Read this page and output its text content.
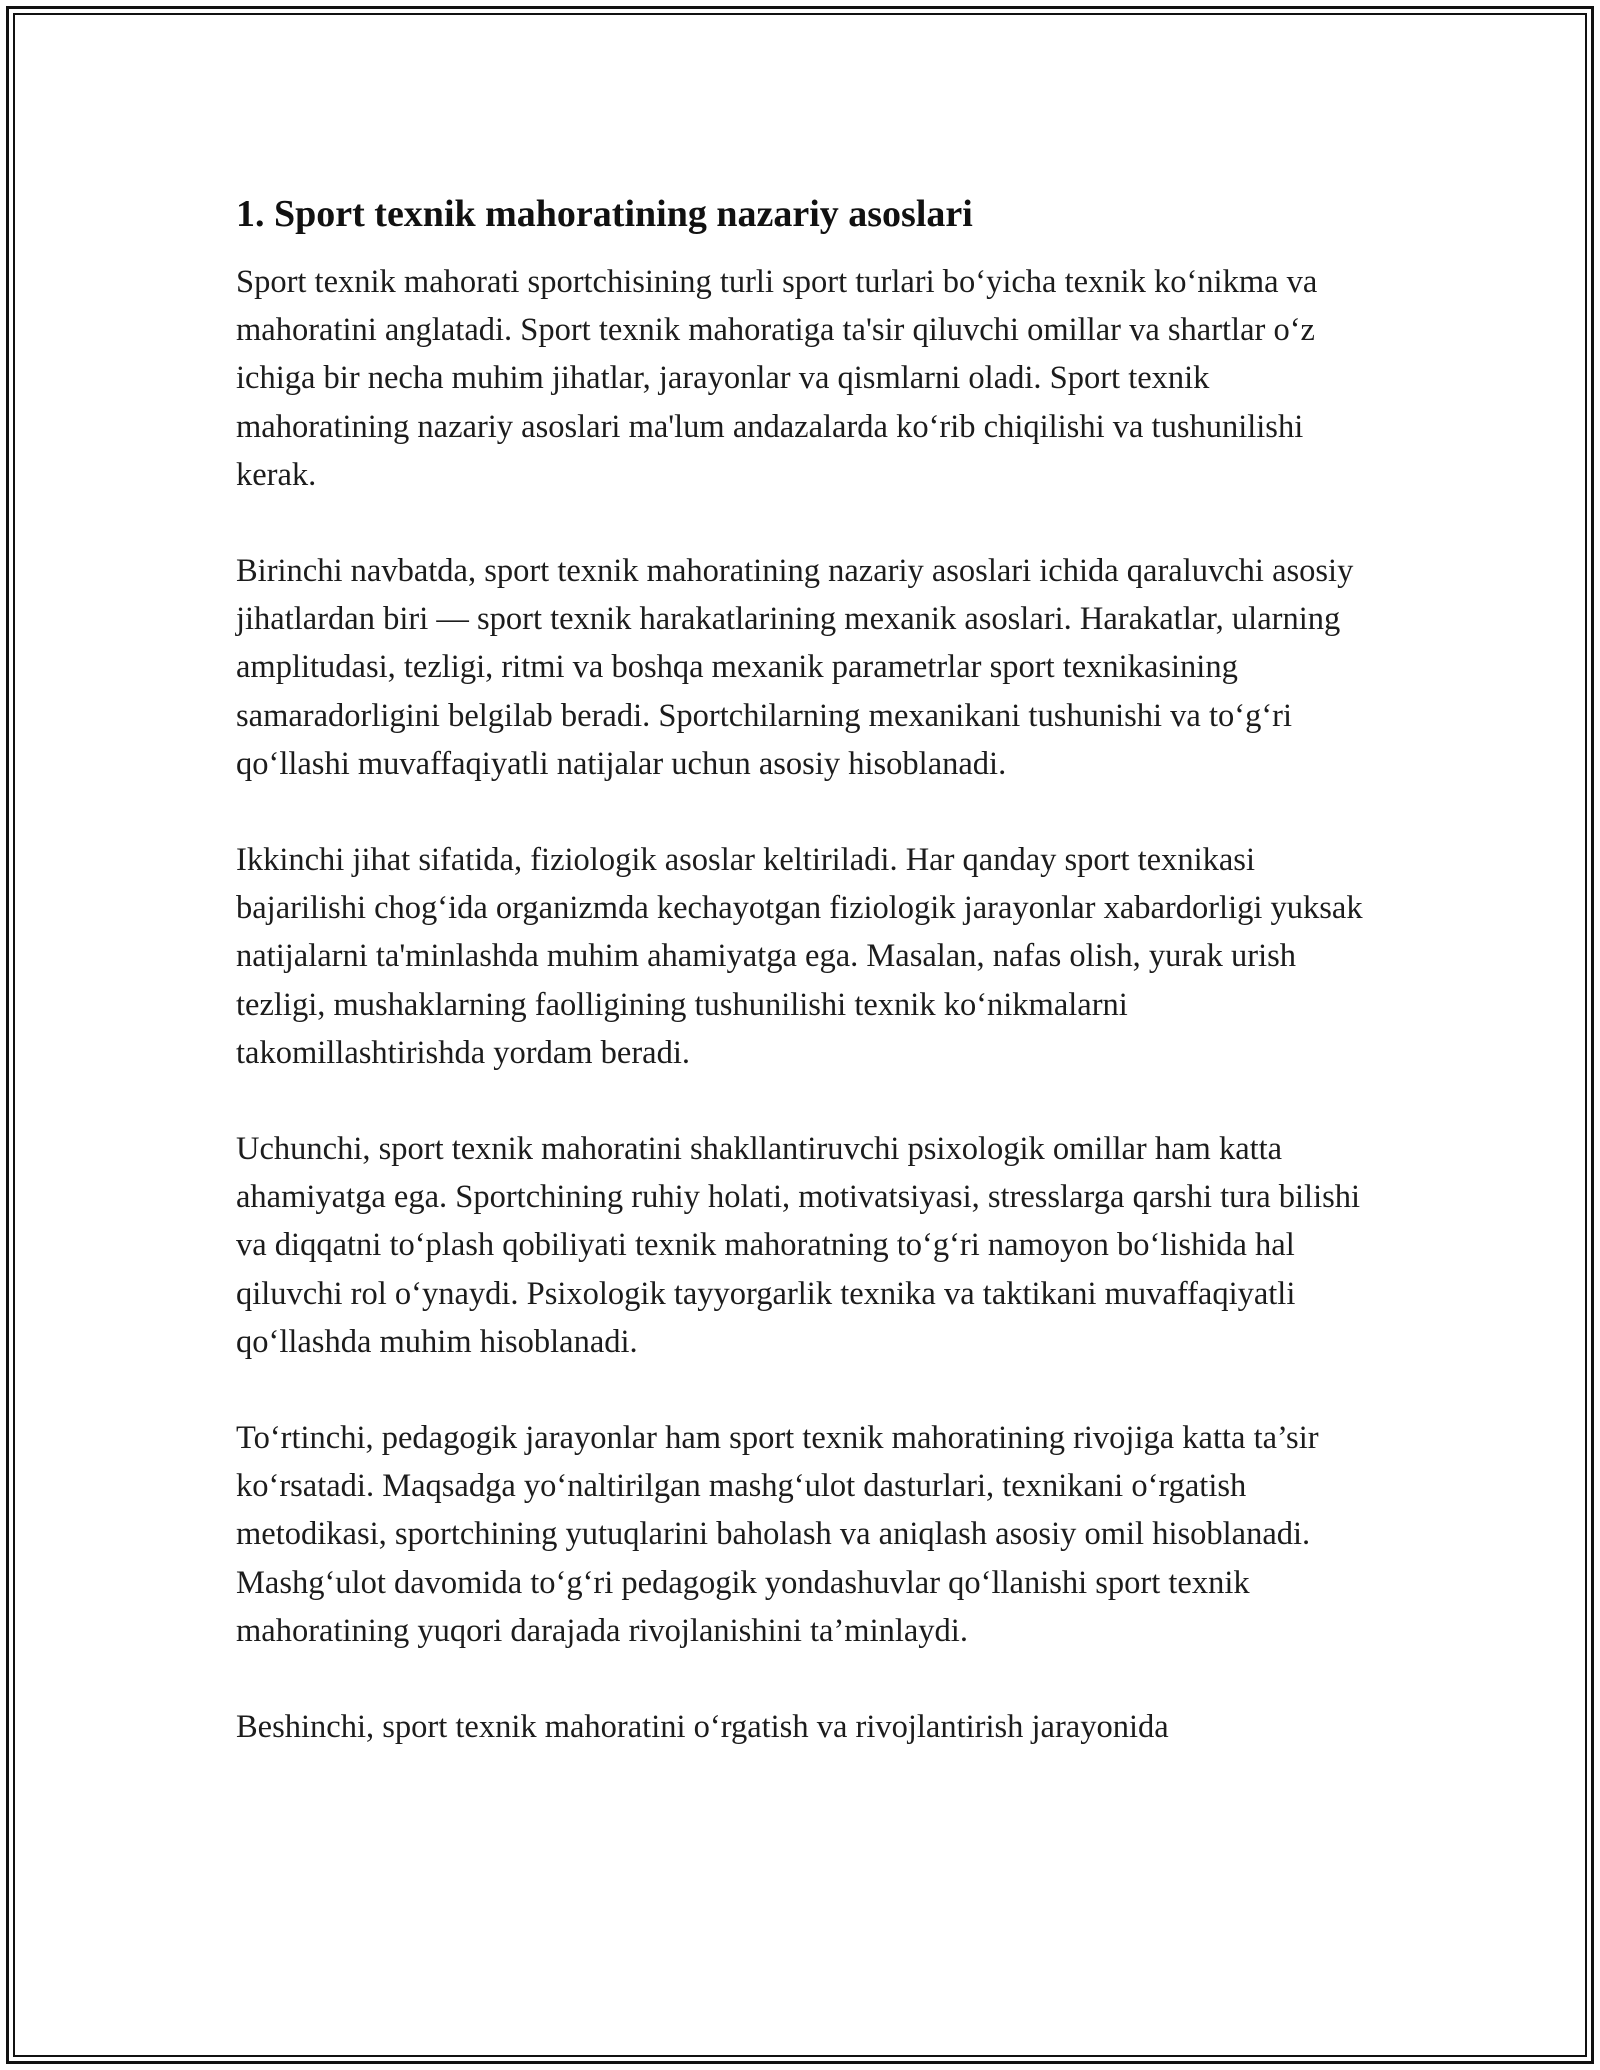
1. Sport texnik mahoratining nazariy asoslari

Sport texnik mahorati sportchisining turli sport turlari bo‘yicha texnik ko‘nikma va mahoratini anglatadi. Sport texnik mahoratiga ta'sir qiluvchi omillar va shartlar o‘z ichiga bir necha muhim jihatlar, jarayonlar va qismlarni oladi. Sport texnik mahoratining nazariy asoslari ma'lum andazalarda ko‘rib chiqilishi va tushunilishi kerak.

Birinchi navbatda, sport texnik mahoratining nazariy asoslari ichida qaraluvchi asosiy jihatlardan biri — sport texnik harakatlarining mexanik asoslari. Harakatlar, ularning amplitudasi, tezligi, ritmi va boshqa mexanik parametrlar sport texnikasining samaradorligini belgilab beradi. Sportchilarning mexanikani tushunishi va to‘g‘ri qo‘llashi muvaffaqiyatli natijalar uchun asosiy hisoblanadi.

Ikkinchi jihat sifatida, fiziologik asoslar keltiriladi. Har qanday sport texnikasi bajarilishi chog‘ida organizmda kechayotgan fiziologik jarayonlar xabardorligi yuksak natijalarni ta'minlashda muhim ahamiyatga ega. Masalan, nafas olish, yurak urish tezligi, mushaklarning faolligining tushunilishi texnik ko‘nikmalarni takomillashtirishda yordam beradi.

Uchunchi, sport texnik mahoratini shakllantiruvchi psixologik omillar ham katta ahamiyatga ega. Sportchining ruhiy holati, motivatsiyasi, stresslarga qarshi tura bilishi va diqqatni to‘plash qobiliyati texnik mahoratning to‘g‘ri namoyon bo‘lishida hal qiluvchi rol o‘ynaydi. Psixologik tayyorgarlik texnika va taktikani muvaffaqiyatli qo‘llashda muhim hisoblanadi.

To‘rtinchi, pedagogik jarayonlar ham sport texnik mahoratining rivojiga katta ta’sir ko‘rsatadi. Maqsadga yo‘naltirilgan mashg‘ulot dasturlari, texnikani o‘rgatish metodikasi, sportchining yutuqlarini baholash va aniqlash asosiy omil hisoblanadi. Mashg‘ulot davomida to‘g‘ri pedagogik yondashuvlar qo‘llanishi sport texnik mahoratining yuqori darajada rivojlanishini ta’minlaydi.

Beshinchi, sport texnik mahoratini o‘rgatish va rivojlantirish jarayonida
